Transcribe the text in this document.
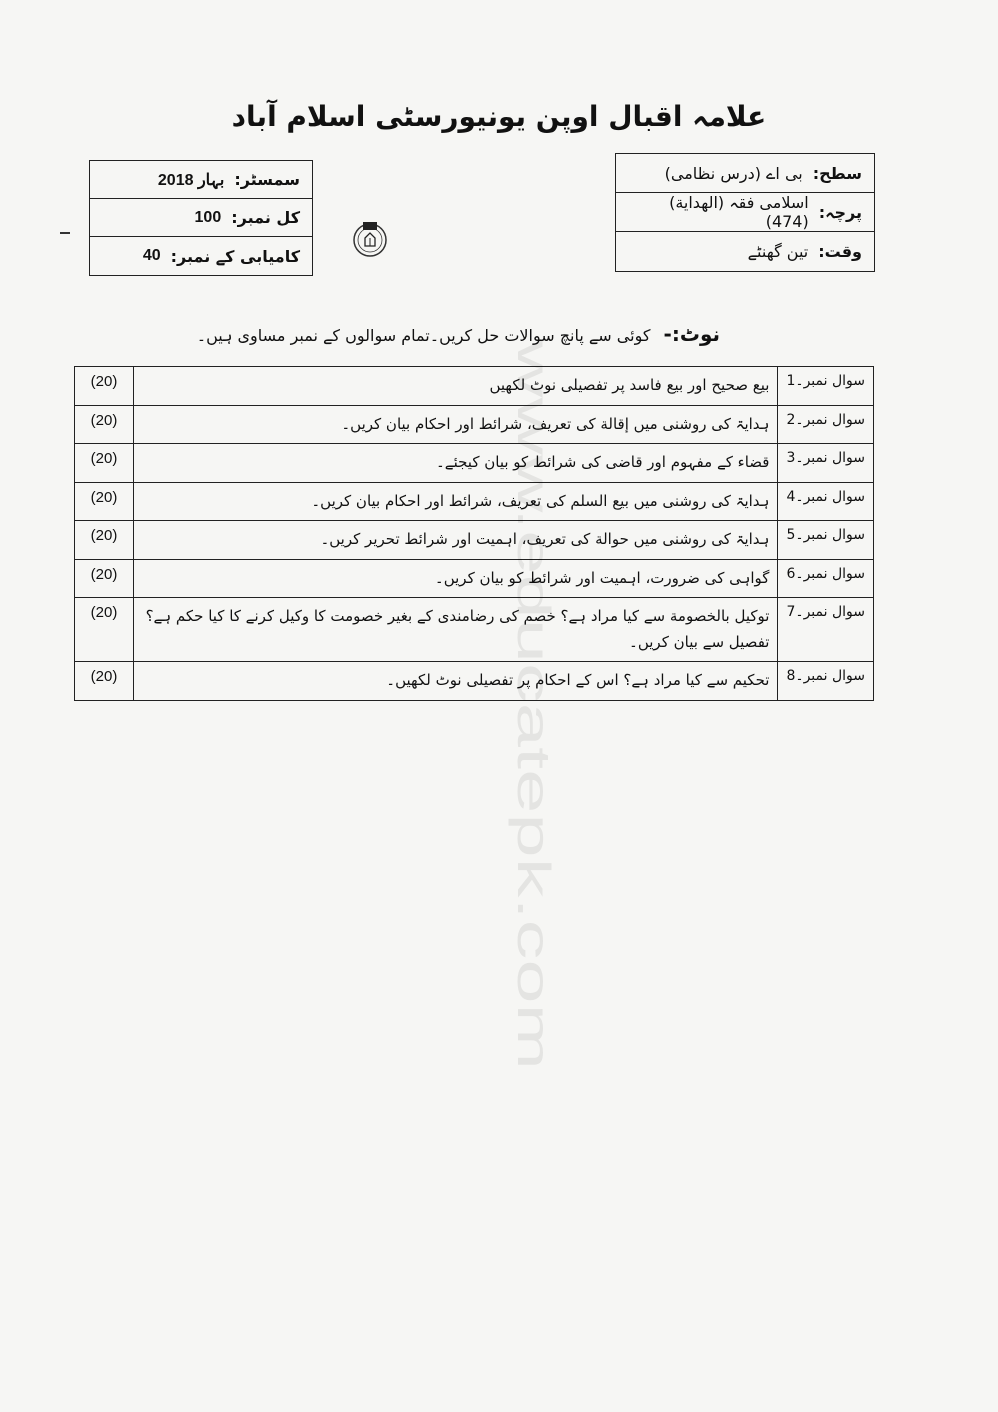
علامہ اقبال اوپن یونیورسٹی اسلام آباد
سمسٹر:
بہار 2018
کل نمبر:
100
کامیابی کے نمبر:
40
سطح:
بی اے (درس نظامی)
پرچہ:
اسلامی فقہ (الهداية) (474)
وقت:
تین گھنٹے
نوٹ:- کوئی سے پانچ سوالات حل کریں۔تمام سوالوں کے نمبر مساوی ہیں۔
سوال نمبر۔1	بیع صحیح اور بیع فاسد پر تفصیلی نوٹ لکھیں	(20)
سوال نمبر۔2	ہدایۃ کی روشنی میں إقالة کی تعریف، شرائط اور احکام بیان کریں۔	(20)
سوال نمبر۔3	قضاء کے مفہوم اور قاضی کی شرائط کو بیان کیجئے۔	(20)
سوال نمبر۔4	ہدایۃ کی روشنی میں بیع السلم کی تعریف، شرائط اور احکام بیان کریں۔	(20)
سوال نمبر۔5	ہدایۃ کی روشنی میں حوالة کی تعریف، اہمیت اور شرائط تحریر کریں۔	(20)
سوال نمبر۔6	گواہی کی ضرورت، اہمیت اور شرائط کو بیان کریں۔	(20)
سوال نمبر۔7	توکیل بالخصومة سے کیا مراد ہے؟ خصم کی رضامندی کے بغیر خصومت کا وکیل کرنے کا کیا حکم ہے؟ تفصیل سے بیان کریں۔	(20)
سوال نمبر۔8	تحکیم سے کیا مراد ہے؟ اس کے احکام پر تفصیلی نوٹ لکھیں۔	(20)	www.educatepk.com
